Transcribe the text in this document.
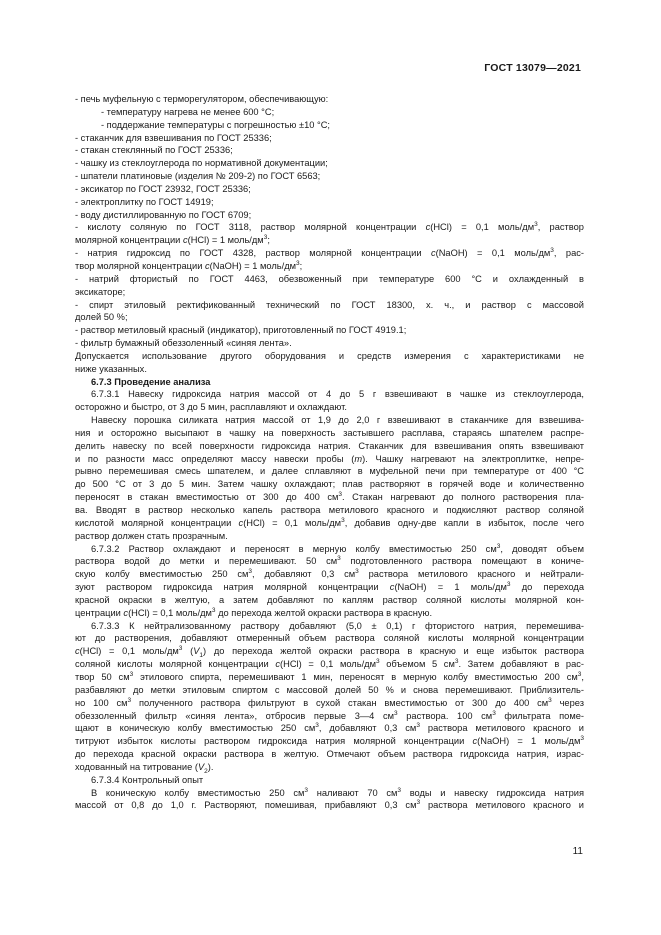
ГОСТ 13079—2021
- печь муфельную с терморегулятором, обеспечивающую:
- температуру нагрева не менее 600 °С;
- поддержание температуры с погрешностью ±10 °С;
- стаканчик для взвешивания по ГОСТ 25336;
- стакан стеклянный по ГОСТ 25336;
- чашку из стеклоуглерода по нормативной документации;
- шпатели платиновые (изделия № 209-2) по ГОСТ 6563;
- эксикатор по ГОСТ 23932, ГОСТ 25336;
- электроплитку по ГОСТ 14919;
- воду дистиллированную по ГОСТ 6709;
- кислоту соляную по ГОСТ 3118, раствор молярной концентрации c(HCl) = 0,1 моль/$дм^3$, раствор
молярной концентрации c(HCl) = 1 моль/$дм^3$;
- натрия гидроксид по ГОСТ 4328, раствор молярной концентрации c(NaOH) = 0,1 моль/$дм^3$, рас-
твор молярной концентрации c(NaOH) = 1 моль/$дм^3$;
- натрий фтористый по ГОСТ 4463, обезвоженный при температуре 600 °С и охлажденный в
эксикаторе;
- спирт этиловый ректификованный технический по ГОСТ 18300, х. ч., и раствор с массовой
долей 50 %;
- раствор метиловый красный (индикатор), приготовленный по ГОСТ 4919.1;
- фильтр бумажный обеззоленный «синяя лента».
Допускается использование другого оборудования и средств измерения с характеристиками не
ниже указанных.
6.7.3 Проведение анализа
6.7.3.1 Навеску гидроксида натрия массой от 4 до 5 г взвешивают в чашке из стеклоуглерода,
осторожно и быстро, от 3 до 5 мин, расплавляют и охлаждают.
Навеску порошка силиката натрия массой от 1,9 до 2,0 г взвешивают в стаканчике для взвешива-
ния и осторожно высыпают в чашку на поверхность застывшего расплава, стараясь шпателем распре-
делить навеску по всей поверхности гидроксида натрия. Стаканчик для взвешивания опять взвешивают
и по разности масс определяют массу навески пробы (m). Чашку нагревают на электроплитке, непре-
рывно перемешивая смесь шпателем, и далее сплавляют в муфельной печи при температуре от 400 °С
до 500 °С от 3 до 5 мин. Затем чашку охлаждают; плав растворяют в горячей воде и количественно
переносят в стакан вместимостью от 300 до 400 $см^3$. Стакан нагревают до полного растворения пла-
ва. Вводят в раствор несколько капель раствора метилового красного и подкисляют раствор соляной
кислотой молярной концентрации c(HCl) = 0,1 моль/$дм^3$, добавив одну-две капли в избыток, после чего
раствор должен стать прозрачным.
6.7.3.2 Раствор охлаждают и переносят в мерную колбу вместимостью 250 $см^3$, доводят объем
раствора водой до метки и перемешивают. 50 $см^3$ подготовленного раствора помещают в кониче-
скую колбу вместимостью 250 $см^3$, добавляют 0,3 $см^3$ раствора метилового красного и нейтрали-
зуют раствором гидроксида натрия молярной концентрации c(NaOH) = 1 моль/$дм^3$ до перехода
красной окраски в желтую, а затем добавляют по каплям раствор соляной кислоты молярной кон-
центрации c(HCl) = 0,1 моль/$дм^3$ до перехода желтой окраски раствора в красную.
6.7.3.3 К нейтрализованному раствору добавляют (5,0 ± 0,1) г фтористого натрия, перемешива-
ют до растворения, добавляют отмеренный объем раствора соляной кислоты молярной концентрации
c(HCl) = 0,1 моль/$дм^3$ $(V_1)$ до перехода желтой окраски раствора в красную и еще избыток раствора
соляной кислоты молярной концентрации c(HCl) = 0,1 моль/$дм^3$ объемом 5 $см^3$. Затем добавляют в рас-
твор 50 $см^3$ этилового спирта, перемешивают 1 мин, переносят в мерную колбу вместимостью 200 $см^3$,
разбавляют до метки этиловым спиртом с массовой долей 50 % и снова перемешивают. Приблизитель-
но 100 $см^3$ полученного раствора фильтруют в сухой стакан вместимостью от 300 до 400 $см^3$ через
обеззоленный фильтр «синяя лента», отбросив первые 3—4 $см^3$ раствора. 100 $см^3$ фильтрата поме-
щают в коническую колбу вместимостью 250 $см^3$, добавляют 0,3 $см^3$ раствора метилового красного и
титруют избыток кислоты раствором гидроксида натрия молярной концентрации c(NaOH) = 1 моль/$дм^3$
до перехода красной окраски раствора в желтую. Отмечают объем раствора гидроксида натрия, израс-
ходованный на титрование $(V_2)$.
6.7.3.4 Контрольный опыт
В коническую колбу вместимостью 250 $см^3$ наливают 70 $см^3$ воды и навеску гидроксида натрия
массой от 0,8 до 1,0 г. Растворяют, помешивая, прибавляют 0,3 $см^3$ раствора метилового красного и
11
